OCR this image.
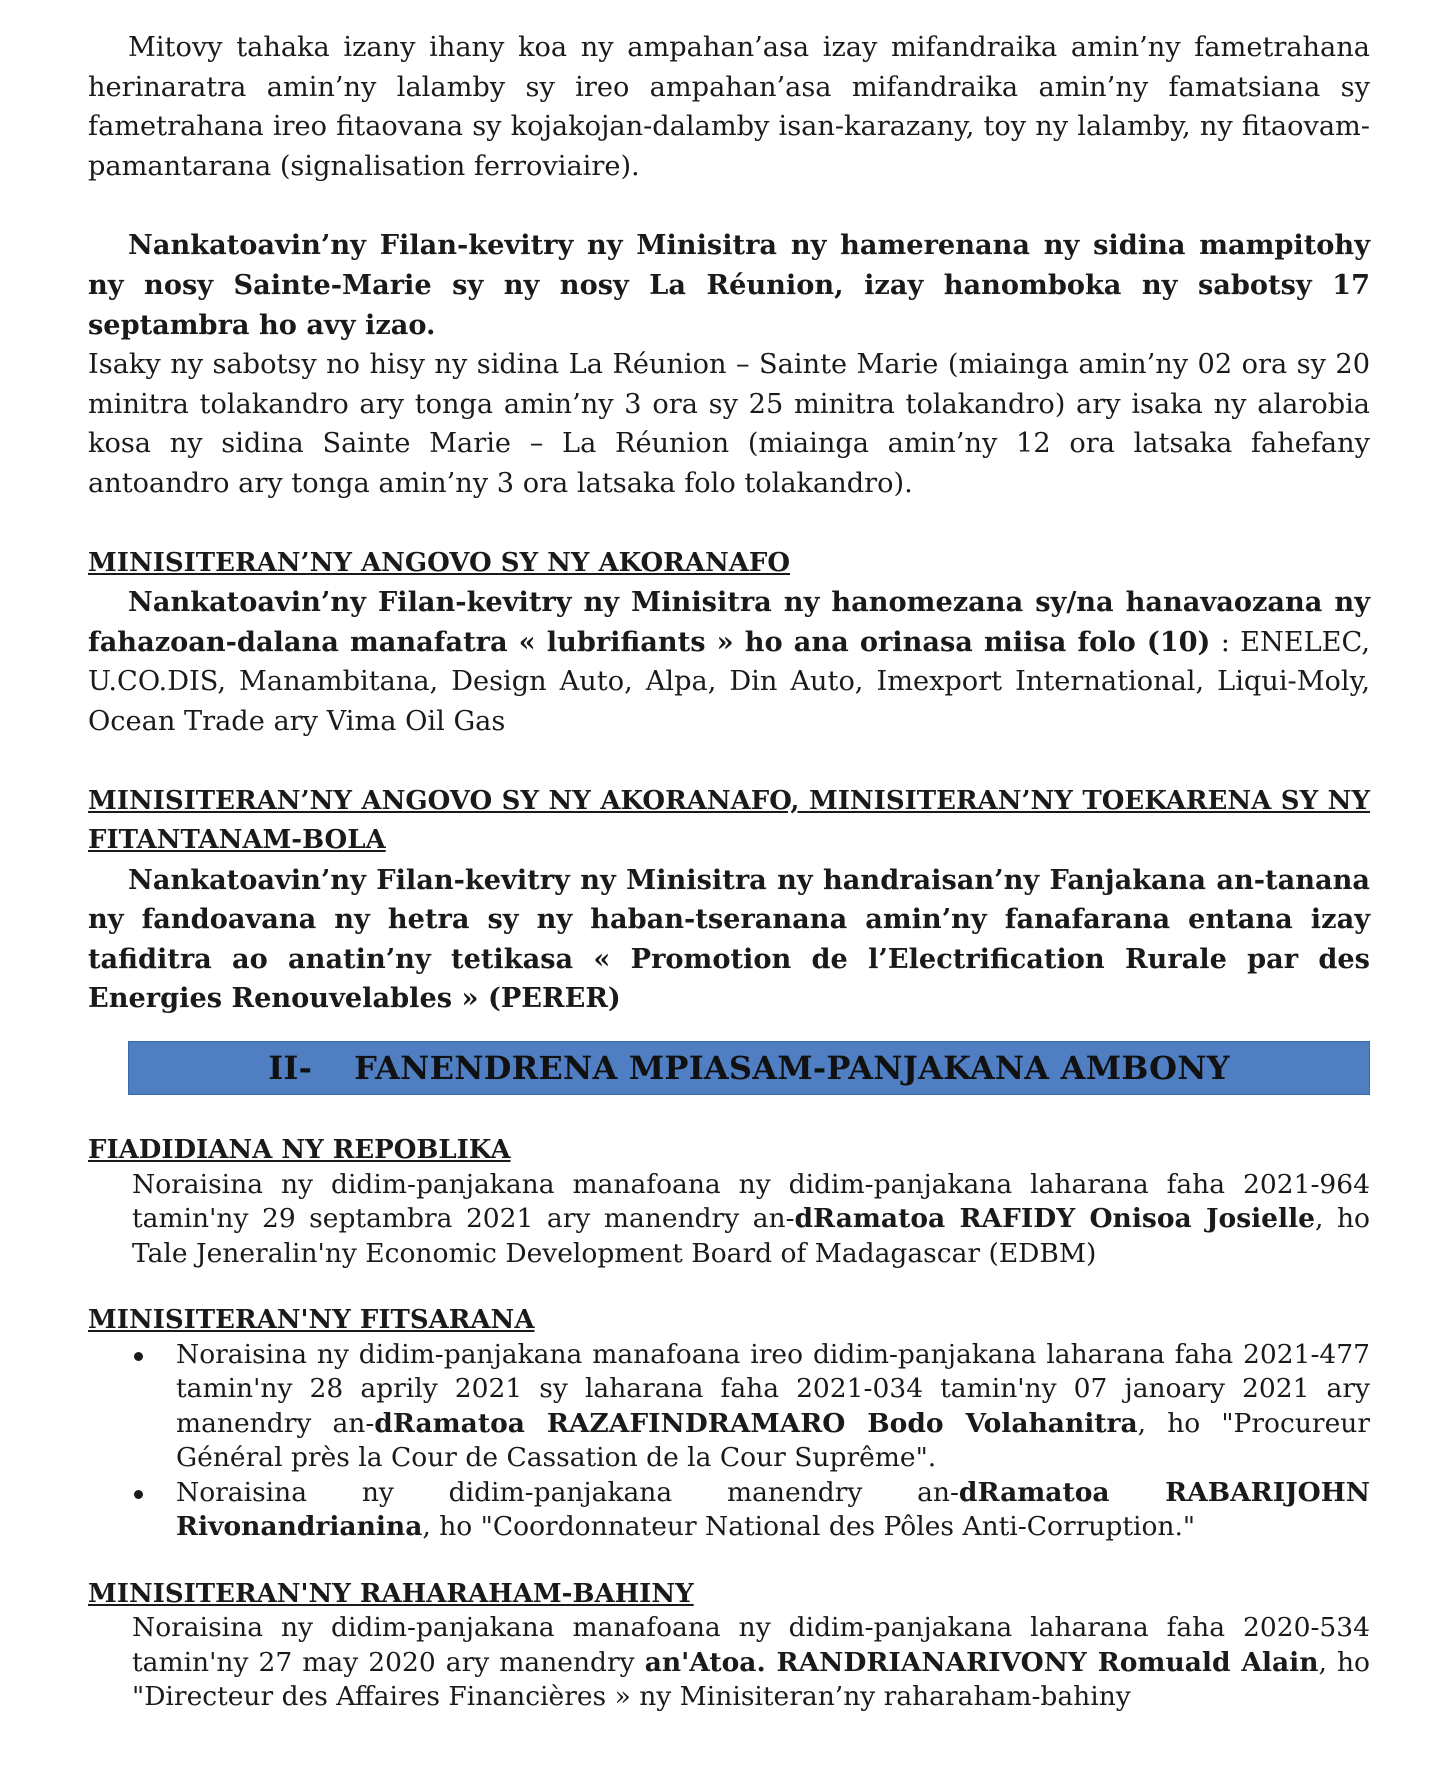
Mitovy tahaka izany ihany koa ny ampahan’asa izay mifandraika amin’ny fametrahana herinaratra amin’ny lalamby sy ireo ampahan’asa mifandraika amin’ny famatsiana sy fametrahana ireo fitaovana sy kojakojan-dalamby isan-karazany, toy ny lalamby, ny fitaovam-pamantarana (signalisation ferroviaire).

Nankatoavin’ny Filan-kevitry ny Minisitra ny hamerenana ny sidina mampitohy ny nosy Sainte-Marie sy ny nosy La Réunion, izay hanomboka ny sabotsy 17 septambra ho avy izao.

Isaky ny sabotsy no hisy ny sidina La Réunion – Sainte Marie (miainga amin’ny 02 ora sy 20 minitra tolakandro ary tonga amin’ny 3 ora sy 25 minitra tolakandro) ary isaka ny alarobia kosa ny sidina Sainte Marie – La Réunion (miainga amin’ny 12 ora latsaka fahefany antoandro ary tonga amin’ny 3 ora latsaka folo tolakandro).

MINISITERAN’NY ANGOVO SY NY AKORANAFO

Nankatoavin’ny Filan-kevitry ny Minisitra ny hanomezana sy/na hanavaozana ny fahazoan-dalana manafatra « lubrifiants » ho ana orinasa miisa folo (10) : ENELEC, U.CO.DIS, Manambitana, Design Auto, Alpa, Din Auto, Imexport International, Liqui-Moly, Ocean Trade ary Vima Oil Gas

MINISITERAN’NY ANGOVO SY NY AKORANAFO, MINISITERAN’NY TOEKARENA SY NY FITANTANAM-BOLA

Nankatoavin’ny Filan-kevitry ny Minisitra ny handraisan’ny Fanjakana an-tanana ny fandoavana ny hetra sy ny haban-tseranana amin’ny fanafarana entana izay tafiditra ao anatin’ny tetikasa « Promotion de l’Electrification Rurale par des Energies Renouvelables » (PERER)

II- FANENDRENA MPIASAM-PANJAKANA AMBONY
FIADIDIANA NY REPOBLIKA

Noraisina ny didim-panjakana manafoana ny didim-panjakana laharana faha 2021-964 tamin'ny 29 septambra 2021 ary manendry an-dRamatoa RAFIDY Onisoa Josielle, ho Tale Jeneralin'ny Economic Development Board of Madagascar (EDBM)

MINISITERAN'NY FITSARANA
Noraisina ny didim-panjakana manafoana ireo didim-panjakana laharana faha 2021-477 tamin'ny 28 aprily 2021 sy laharana faha 2021-034 tamin'ny 07 janoary 2021 ary manendry an-dRamatoa RAZAFINDRAMARO Bodo Volahanitra, ho "Procureur Général près la Cour de Cassation de la Cour Suprême".
Noraisina ny didim-panjakana manendry an-dRamatoa RABARIJOHN Rivonandrianina, ho "Coordonnateur National des Pôles Anti-Corruption."
MINISITERAN'NY RAHARAHAM-BAHINY

Noraisina ny didim-panjakana manafoana ny didim-panjakana laharana faha 2020-534 tamin'ny 27 may 2020 ary manendry an'Atoa. RANDRIANARIVONY Romuald Alain, ho "Directeur des Affaires Financières » ny Minisiteran’ny raharaham-bahiny
